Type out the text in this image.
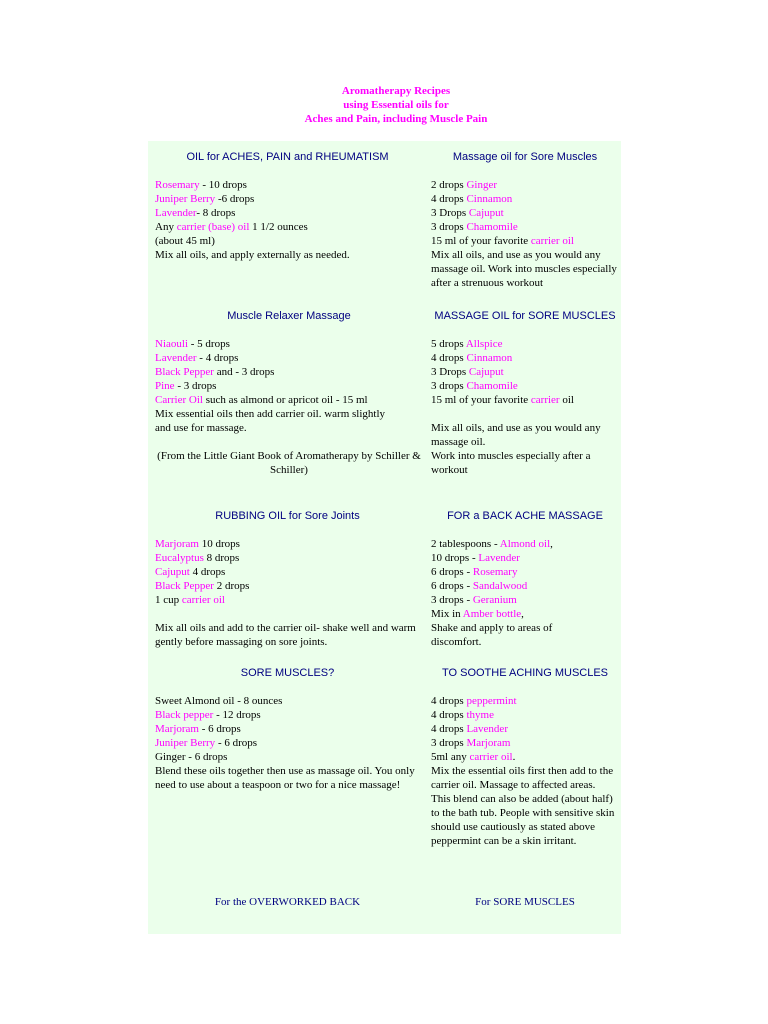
Aromatherapy Recipes
using Essential oils for
Aches and Pain, including Muscle Pain
OIL for ACHES, PAIN and RHEUMATISM
Rosemary - 10 drops
Juniper Berry -6 drops
Lavender- 8 drops
Any carrier (base) oil 1 1/2 ounces
(about 45 ml)
Mix all oils, and apply externally as needed.
Massage oil for Sore Muscles
2 drops Ginger
4 drops Cinnamon
3 Drops Cajuput
3 drops Chamomile
15 ml of your favorite carrier oil
Mix all oils, and use as you would any massage oil. Work into muscles especially after a strenuous workout
Muscle Relaxer Massage
Niaouli - 5 drops
Lavender - 4 drops
Black Pepper and - 3 drops
Pine - 3 drops
Carrier Oil such as almond or apricot oil - 15 ml
Mix essential oils then add carrier oil. warm slightly and use for massage.
(From the Little Giant Book of Aromatherapy by Schiller & Schiller)
MASSAGE OIL for SORE MUSCLES
5 drops Allspice
4 drops Cinnamon
3 Drops Cajuput
3 drops Chamomile
15 ml of your favorite carrier oil
Mix all oils, and use as you would any massage oil.
Work into muscles especially after a workout
RUBBING OIL for Sore Joints
Marjoram 10 drops
Eucalyptus 8 drops
Cajuput 4 drops
Black Pepper 2 drops
1 cup carrier oil
Mix all oils and add to the carrier oil- shake well and warm gently before massaging on sore joints.
FOR a BACK ACHE MASSAGE
2 tablespoons - Almond oil,
10 drops - Lavender
6 drops - Rosemary
6 drops - Sandalwood
3 drops - Geranium
Mix in Amber bottle,
Shake and apply to areas of discomfort.
SORE MUSCLES?
Sweet Almond oil - 8 ounces
Black pepper - 12 drops
Marjoram - 6 drops
Juniper Berry - 6 drops
Ginger - 6 drops
Blend these oils together then use as massage oil. You only need to use about a teaspoon or two for a nice massage!
TO SOOTHE ACHING MUSCLES
4 drops peppermint
4 drops thyme
4 drops Lavender
3 drops Marjoram
5ml any carrier oil.
Mix the essential oils first then add to the carrier oil. Massage to affected areas.
This blend can also be added (about half) to the bath tub. People with sensitive skin should use cautiously as stated above peppermint can be a skin irritant.
For the OVERWORKED BACK	For SORE MUSCLES
